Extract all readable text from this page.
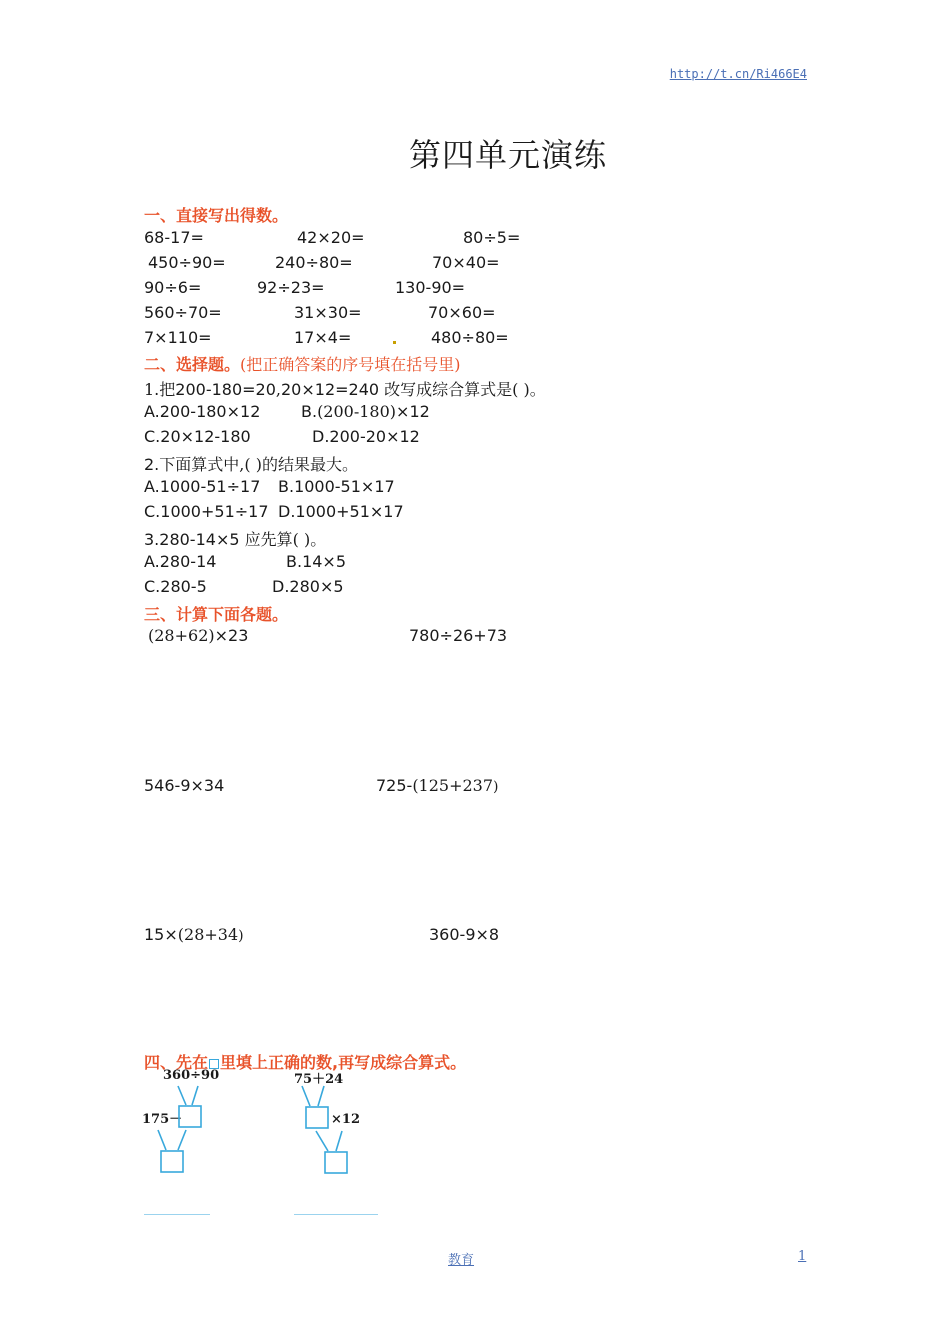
http://t.cn/Ri466E4
第四单元演练
一、直接写出得数。
68-17=	42×20=	80÷5=
450÷90=	240÷80=	70×40=
90÷6=	92÷23=	130-90=
560÷70=	31×30=	70×60=
7×110=	17×4=	480÷80=
二、选择题。(把正确答案的序号填在括号里)
1.把200-180=20,20×12=240 改写成综合算式是( )。
A.200-180×12	B.(200-180)×12
C.20×12-180	D.200-20×12
2.下面算式中,( )的结果最大。
A.1000-51÷17 B.1000-51×17
C.1000+51÷17 D.1000+51×17
3.280-14×5 应先算( )。
A.280-14	B.14×5
C.280-5	D.280×5
三、计算下面各题。
(28+62)×23	780÷26+73
546-9×34	725-(125+237)
15×(28+34)	360-9×8
四、先在 里填上正确的数,再写成综合算式。
360÷90
175－
75＋24
×12
教育	1
